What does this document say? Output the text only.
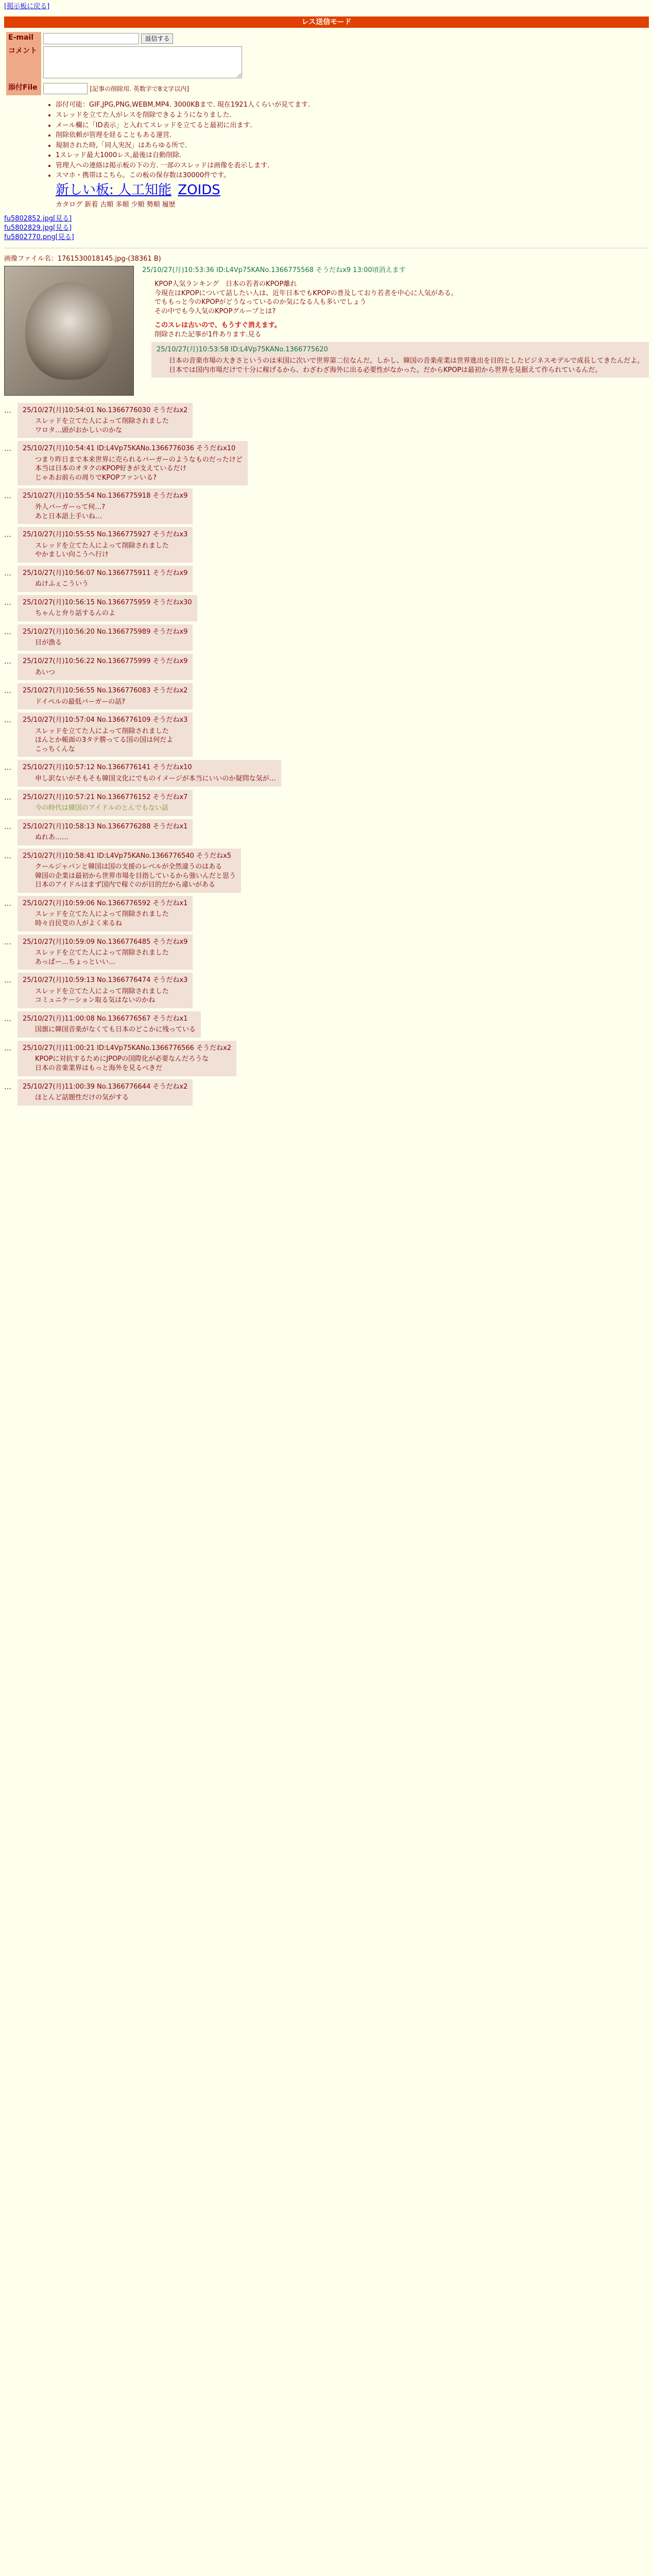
[掲示板に戻る]
レス送信モード
E-mail	返信する
コメント	
添付File	[記事の削除用. 英数字で8文字以内]
• 添付可能：GIF,JPG,PNG,WEBM,MP4. 3000KBまで. 現在1921人くらいが見てます.
• スレッドを立てた人がレスを削除できるようになりました.
• メール欄に「ID表示」と入れてスレッドを立てると最初に出ます.
• 削除依頼が管理を経ることもある運営.
• 規制された時,「同人実況」はあらゆる所で.
• 1スレッド最大1000レス,最後は自動削除.
• 管理人への連絡は掲示板の下の方. 一部のスレッドは画像を表示します.
• スマホ・携帯はこちら。この板の保存数は30000件です。
新しい板: 人工知能 ZOIDS
カタログ 新着 古順 多順 少順 勢順 履歴
fu5802852.jpg[見る]
fu5802829.jpg[見る]
fu5802770.png[見る]
画像ファイル名：1761530018145.jpg-(38361 B)
25/10/27(月)10:53:36 ID:L4Vp75KANo.1366775568 そうだねx9 13:00頃消えます
KPOP人気ランキング　日本の若者のKPOP離れ
今現在はKPOPについて話したい人は、近年日本でもKPOPの普及しており若者を中心に人気がある。
でももっと今のKPOPがどうなっているのか気になる人も多いでしょう
その中でも今人気のKPOPグループとは?
このスレは古いので、もうすぐ消えます。
削除された記事が1件あります.見る
25/10/27(月)10:53:58 ID:L4Vp75KANo.1366775620
日本の音楽市場の大きさというのは米国に次いで世界第二位なんだ。しかし、韓国の音楽産業は世界進出を目的としたビジネスモデルで成長してきたんだよ。日本では国内市場だけで十分に稼げるから、わざわざ海外に出る必要性がなかった。だからKPOPは最初から世界を見据えて作られているんだ。
…	25/10/27(月)10:54:01 No.1366776030 そうだねx2
スレッドを立てた人によって削除されました
ワロタ…頭がおかしいのかな
…	25/10/27(月)10:54:41 ID:L4Vp75KANo.1366776036 そうだねx10
つまり昨日まで本来世界に売られるバーガーのようなものだったけど
本当は日本のオタクのKPOP好きが支えているだけ
じゃあお前らの周りでKPOPファンいる?
…	25/10/27(月)10:55:54 No.1366775918 そうだねx9
外人バーガーって何…?
あと日本語上手いね…
…	25/10/27(月)10:55:55 No.1366775927 そうだねx3
スレッドを立てた人によって削除されました
やかましい向こうへ行け
…	25/10/27(月)10:56:07 No.1366775911 そうだねx9
ぬけふぇこういう
…	25/10/27(月)10:56:15 No.1366775959 そうだねx30
ちゃんと弁り話するんのよ
…	25/10/27(月)10:56:20 No.1366775989 そうだねx9
目が漁る
…	25/10/27(月)10:56:22 No.1366775999 そうだねx9
あいつ
…	25/10/27(月)10:56:55 No.1366776083 そうだねx2
ドイベルの最低バーガーの話?
…	25/10/27(月)10:57:04 No.1366776109 そうだねx3
スレッドを立てた人によって削除されました
ほんとか帳面の3タテ勝ってる国の国は何だよ
こっちくんな
…	25/10/27(月)10:57:12 No.1366776141 そうだねx10
申し訳ないがそもそも韓国文化にでものイメージが本当にいいのか疑問な気が…
…	25/10/27(月)10:57:21 No.1366776152 そうだねx7
今の時代は韓国のアイドルのとんでもない話
…	25/10/27(月)10:58:13 No.1366776288 そうだねx1
ぬれあ……
…	25/10/27(月)10:58:41 ID:L4Vp75KANo.1366776540 そうだねx5
クールジャパンと韓国は国の支援のレベルが全然違うのはある
韓国の企業は最初から世界市場を目指しているから強いんだと思う
日本のアイドルはまず国内で稼ぐのが目的だから違いがある
…	25/10/27(月)10:59:06 No.1366776592 そうだねx1
スレッドを立てた人によって削除されました
時々自民党の人がよく来るね
…	25/10/27(月)10:59:09 No.1366776485 そうだねx9
スレッドを立てた人によって削除されました
あっぱー…ちょっといい…
…	25/10/27(月)10:59:13 No.1366776474 そうだねx3
スレッドを立てた人によって削除されました
コミュニケーション取る気はないのかね
…	25/10/27(月)11:00:08 No.1366776567 そうだねx1
国旗に韓国音楽がなくても日本のどこかに残っている
…	25/10/27(月)11:00:21 ID:L4Vp75KANo.1366776566 そうだねx2
KPOPに対抗するためにJPOPの国際化が必要なんだろうな
日本の音楽業界はもっと海外を見るべきだ
…	25/10/27(月)11:00:39 No.1366776644 そうだねx2
ほとんど話題性だけの気がする
